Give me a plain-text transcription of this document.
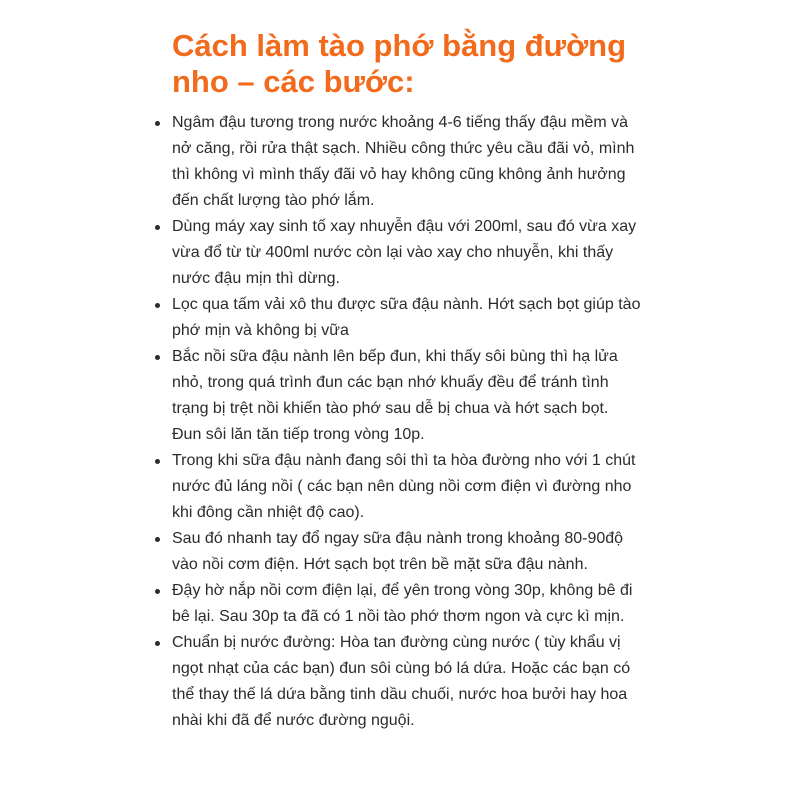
Cách làm tào phớ bằng đường nho – các bước:
Ngâm đậu tương trong nước khoảng 4-6 tiếng thấy đậu mềm và nở căng, rồi rửa thật sạch. Nhiều công thức yêu cầu đãi vỏ, mình thì không vì mình thấy đãi vỏ hay không cũng không ảnh hưởng đến chất lượng tào phớ lắm.
Dùng máy xay sinh tố xay nhuyễn đậu với 200ml, sau đó vừa xay vừa đổ từ từ 400ml nước còn lại vào xay cho nhuyễn, khi thấy nước đậu mịn thì dừng.
Lọc qua tấm vải xô thu được sữa đậu nành. Hớt sạch bọt giúp tào phớ mịn và không bị vữa
Bắc nồi sữa đậu nành lên bếp đun, khi thấy sôi bùng thì hạ lửa nhỏ, trong quá trình đun các bạn nhớ khuấy đều để tránh tình trạng bị trệt nồi khiến tào phớ sau dễ bị chua và hớt sạch bọt. Đun sôi lăn tăn tiếp trong vòng 10p.
Trong khi sữa đậu nành đang sôi thì ta hòa đường nho với 1 chút nước đủ láng nồi ( các bạn nên dùng nồi cơm điện vì đường nho khi đông cần nhiệt độ cao).
Sau đó nhanh tay đổ ngay sữa đậu nành trong khoảng 80-90độ vào nồi cơm điện. Hớt sạch bọt trên bề mặt sữa đậu nành.
Đậy hờ nắp nồi cơm điện lại, để yên trong vòng 30p, không bê đi bê lại. Sau 30p ta đã có 1 nồi tào phớ thơm ngon và cực kì mịn.
Chuẩn bị nước đường: Hòa tan đường cùng nước ( tùy khẩu vị ngọt nhạt của các bạn) đun sôi cùng bó lá dứa. Hoặc các bạn có thể thay thế lá dứa bằng tinh dầu chuối, nước hoa bưởi hay hoa nhài khi đã để nước đường nguội.
